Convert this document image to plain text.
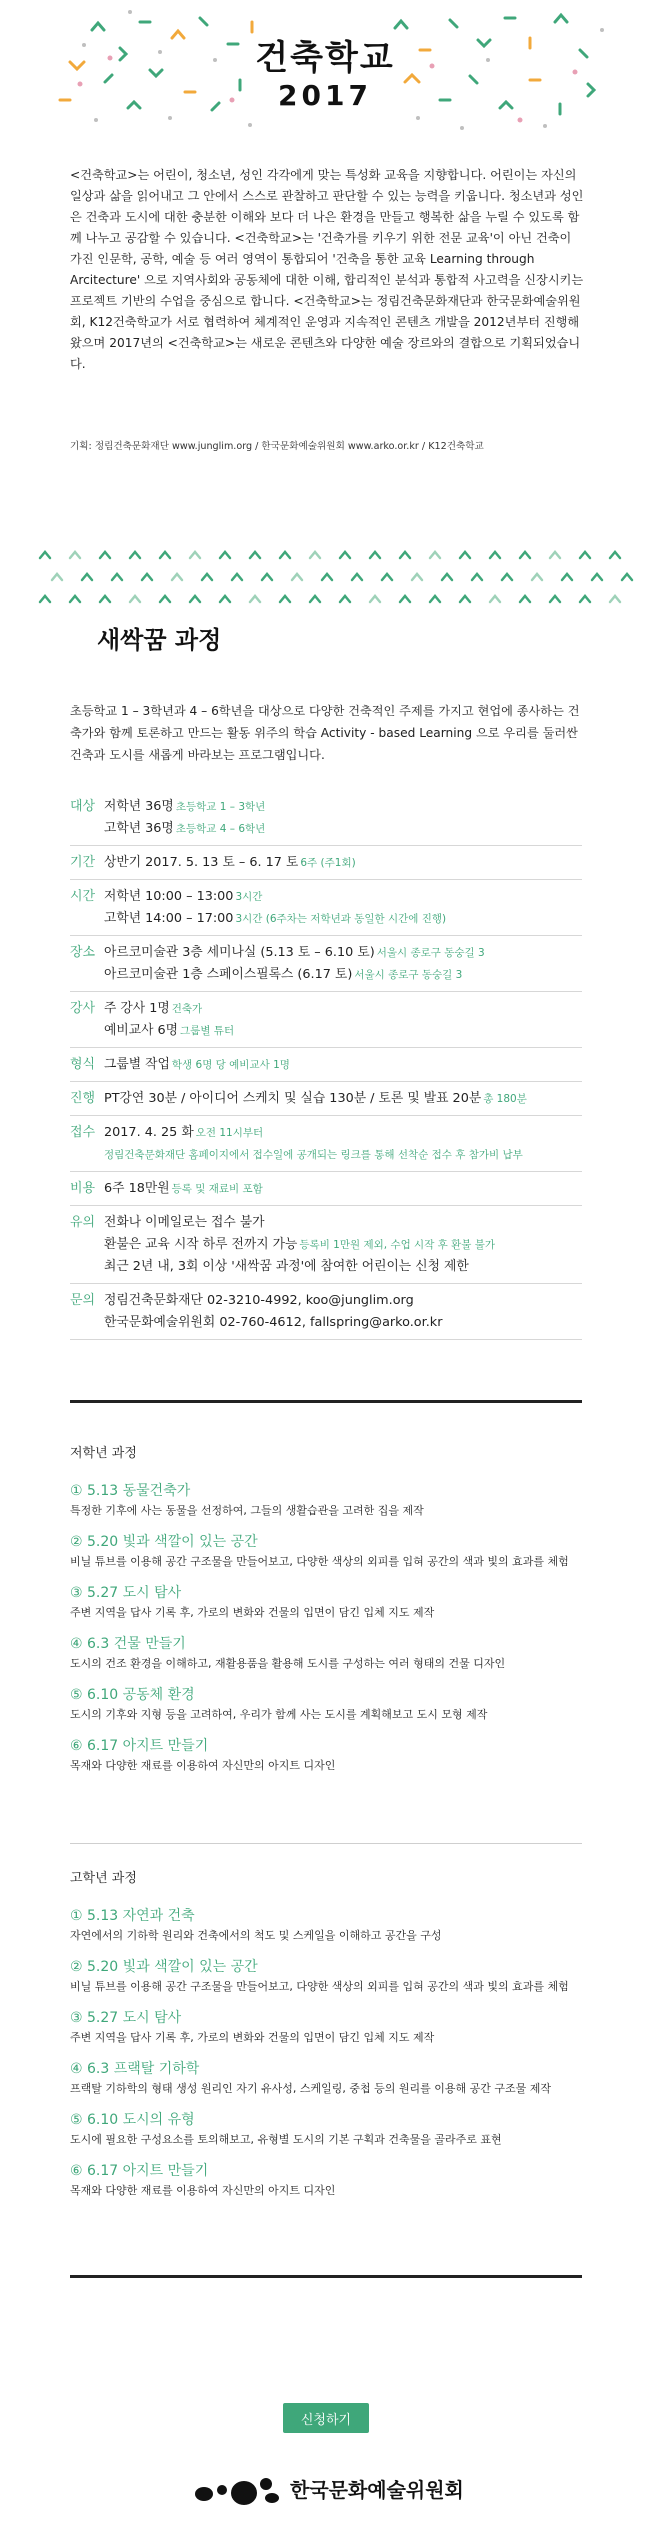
건축학교
2017

<건축학교>는 어린이, 청소년, 성인 각각에게 맞는 특성화 교육을 지향합니다. 어린이는 자신의 일상과 삶을 읽어내고 그 안에서 스스로 관찰하고 판단할 수 있는 능력을 키웁니다. 청소년과 성인은 건축과 도시에 대한 충분한 이해와 보다 더 나은 환경을 만들고 행복한 삶을 누릴 수 있도록 함께 나누고 공감할 수 있습니다. <건축학교>는 '건축가를 키우기 위한 전문 교육'이 아닌 건축이 가진 인문학, 공학, 예술 등 여러 영역이 통합되어 '건축을 통한 교육 Learning through Arcitecture' 으로 지역사회와 공동체에 대한 이해, 합리적인 분석과 통합적 사고력을 신장시키는 프로젝트 기반의 수업을 중심으로 합니다. <건축학교>는 정림건축문화재단과 한국문화예술위원회, K12건축학교가 서로 협력하여 체계적인 운영과 지속적인 콘텐츠 개발을 2012년부터 진행해왔으며 2017년의 <건축학교>는 새로운 콘텐츠와 다양한 예술 장르와의 결합으로 기획되었습니다.

기획: 정림건축문화재단 www.junglim.org / 한국문화예술위원회 www.arko.or.kr / K12건축학교
새싹꿈 과정

초등학교 1 – 3학년과 4 – 6학년을 대상으로 다양한 건축적인 주제를 가지고 현업에 종사하는 건축가와 함께 토론하고 만드는 활동 위주의 학습 Activity - based Learning 으로 우리를 둘러싼 건축과 도시를 새롭게 바라보는 프로그램입니다.

대상 저학년 36명 초등학교 1 – 3학년
고학년 36명 초등학교 4 – 6학년
기간 상반기 2017. 5. 13 토 – 6. 17 토 6주 (주1회)
시간 저학년 10:00 – 13:00 3시간
고학년 14:00 – 17:00 3시간 (6주차는 저학년과 동일한 시간에 진행)
장소 아르코미술관 3층 세미나실 (5.13 토 – 6.10 토) 서울시 종로구 동숭길 3
아르코미술관 1층 스페이스필록스 (6.17 토) 서울시 종로구 동숭길 3
강사 주 강사 1명 건축가
예비교사 6명 그룹별 튜터
형식 그룹별 작업 학생 6명 당 예비교사 1명
진행 PT강연 30분 / 아이디어 스케치 및 실습 130분 / 토론 및 발표 20분 총 180분
접수 2017. 4. 25 화 오전 11시부터
정림건축문화재단 홈페이지에서 접수일에 공개되는 링크를 통해 선착순 접수 후 참가비 납부
비용 6주 18만원 등록 및 재료비 포함
유의 전화나 이메일로는 접수 불가
환불은 교육 시작 하루 전까지 가능 등록비 1만원 제외, 수업 시작 후 환불 불가
최근 2년 내, 3회 이상 '새싹꿈 과정'에 참여한 어린이는 신청 제한
문의 정림건축문화재단 02-3210-4992, koo@junglim.org
한국문화예술위원회 02-760-4612, fallspring@arko.or.kr
저학년 과정
① 5.13 동물건축가
특정한 기후에 사는 동물을 선정하여, 그들의 생활습관을 고려한 집을 제작
② 5.20 빛과 색깔이 있는 공간
비닐 튜브를 이용해 공간 구조물을 만들어보고, 다양한 색상의 외피를 입혀 공간의 색과 빛의 효과를 체험
③ 5.27 도시 탐사
주변 지역을 답사 기록 후, 가로의 변화와 건물의 입면이 담긴 입체 지도 제작
④ 6.3 건물 만들기
도시의 건조 환경을 이해하고, 재활용품을 활용해 도시를 구성하는 여러 형태의 건물 디자인
⑤ 6.10 공동체 환경
도시의 기후와 지형 등을 고려하여, 우리가 함께 사는 도시를 계획해보고 도시 모형 제작
⑥ 6.17 아지트 만들기
목재와 다양한 재료를 이용하여 자신만의 아지트 디자인
고학년 과정
① 5.13 자연과 건축
자연에서의 기하학 원리와 건축에서의 척도 및 스케일을 이해하고 공간을 구성
② 5.20 빛과 색깔이 있는 공간
비닐 튜브를 이용해 공간 구조물을 만들어보고, 다양한 색상의 외피를 입혀 공간의 색과 빛의 효과를 체험
③ 5.27 도시 탐사
주변 지역을 답사 기록 후, 가로의 변화와 건물의 입면이 담긴 입체 지도 제작
④ 6.3 프랙탈 기하학
프랙탈 기하학의 형태 생성 원리인 자기 유사성, 스케일링, 중첩 등의 원리를 이용해 공간 구조물 제작
⑤ 6.10 도시의 유형
도시에 필요한 구성요소를 토의해보고, 유형별 도시의 기본 구획과 건축물을 골라주로 표현
⑥ 6.17 아지트 만들기
목재와 다양한 재료를 이용하여 자신만의 아지트 디자인
신청하기
한국문화예술위원회
